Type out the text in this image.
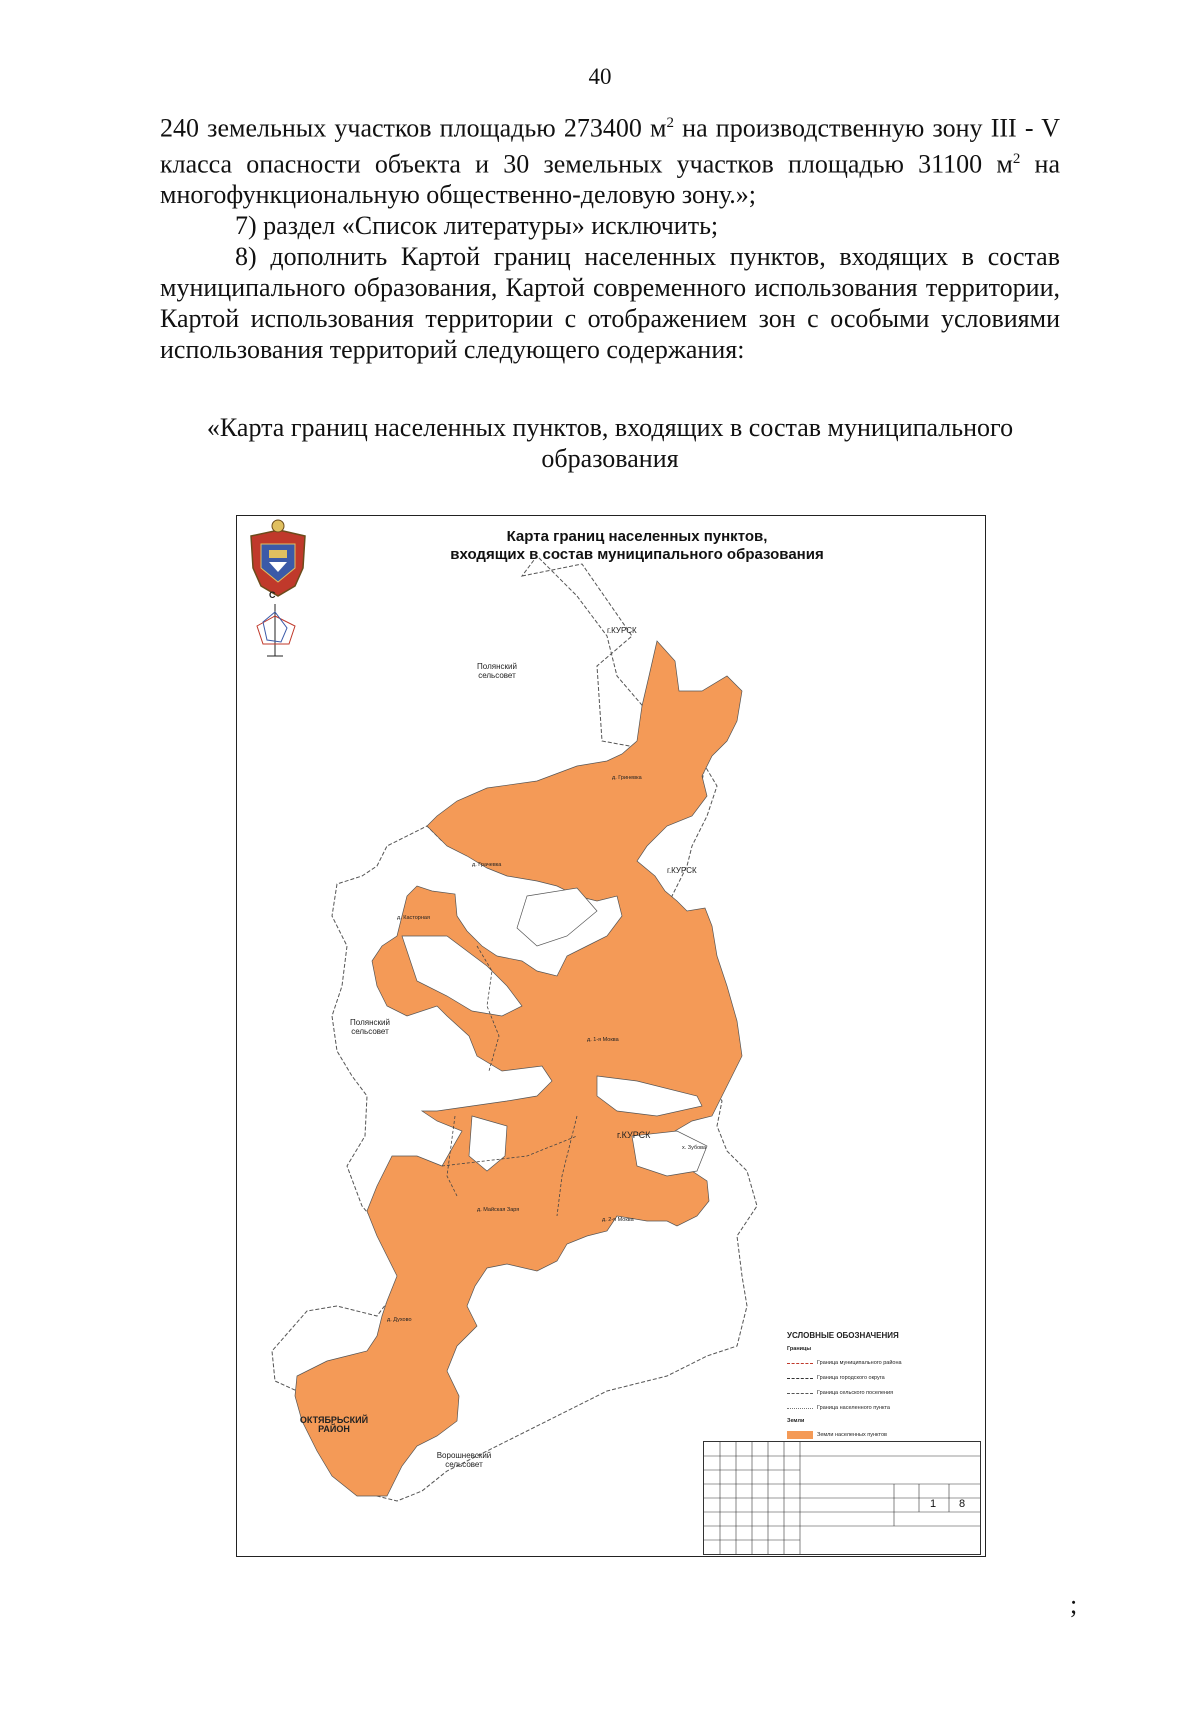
40

240 земельных участков площадью 273400 $м^2$ на производственную зону III - V класса опасности объекта и 30 земельных участков площадью 31100 $м^2$ на многофункциональную общественно-деловую зону.»;

7) раздел «Список литературы» исключить;

8) дополнить Картой границ населенных пунктов, входящих в состав муниципального образования, Картой современного использования территории, Картой использования территории с отображением зон с особыми условиями использования территорий следующего содержания:

«Карта границ населенных пунктов, входящих в состав муниципального образования
Карта границ населенных пунктов,
входящих в состав муниципального образования
С
г.КУРСК
г.КУРСК
г.КУРСК
Полянский сельсовет
Полянский сельсовет
ОКТЯБРЬСКИЙ РАЙОН
Ворошневский сельсовет
д. Гриневка
д. Грачевка
д. Касторная
д. 1-я Моква
д. Майская Заря
д. 2-я Моква
х. Зубова
д. Духово
УСЛОВНЫЕ ОБОЗНАЧЕНИЯ
Границы
Граница муниципального района
Граница городского округа
Граница сельского поселения
Граница населенного пункта
Земли
Земли населенных пунктов
1 8
;
